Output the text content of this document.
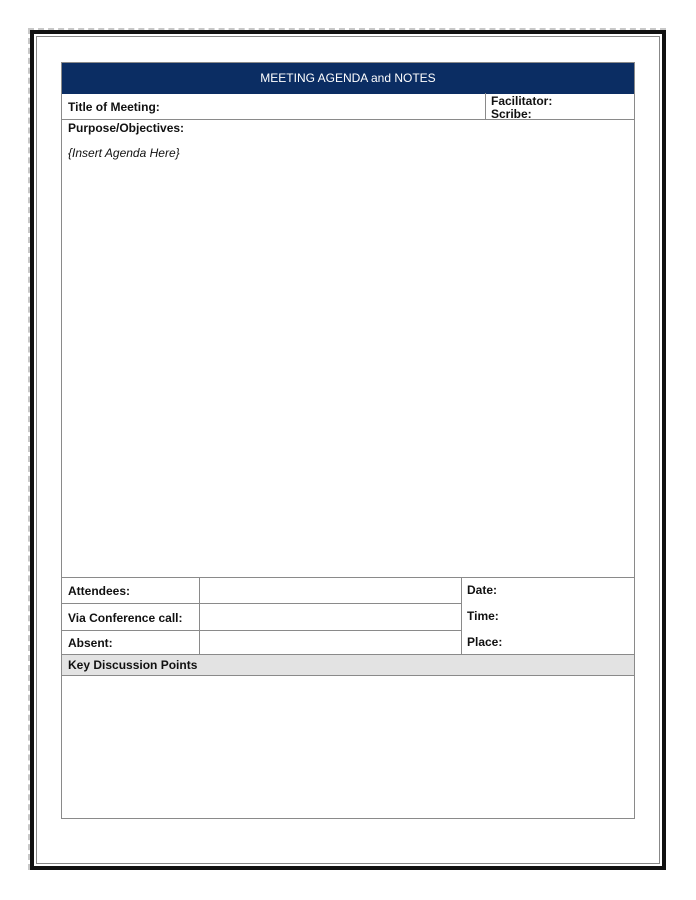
MEETING AGENDA and NOTES
Title of Meeting:	Facilitator:
Scribe:
Purpose/Objectives:
{Insert Agenda Here}
Attendees:
Via Conference call:
Absent:
Date:
Time:
Place:
Key Discussion Points
